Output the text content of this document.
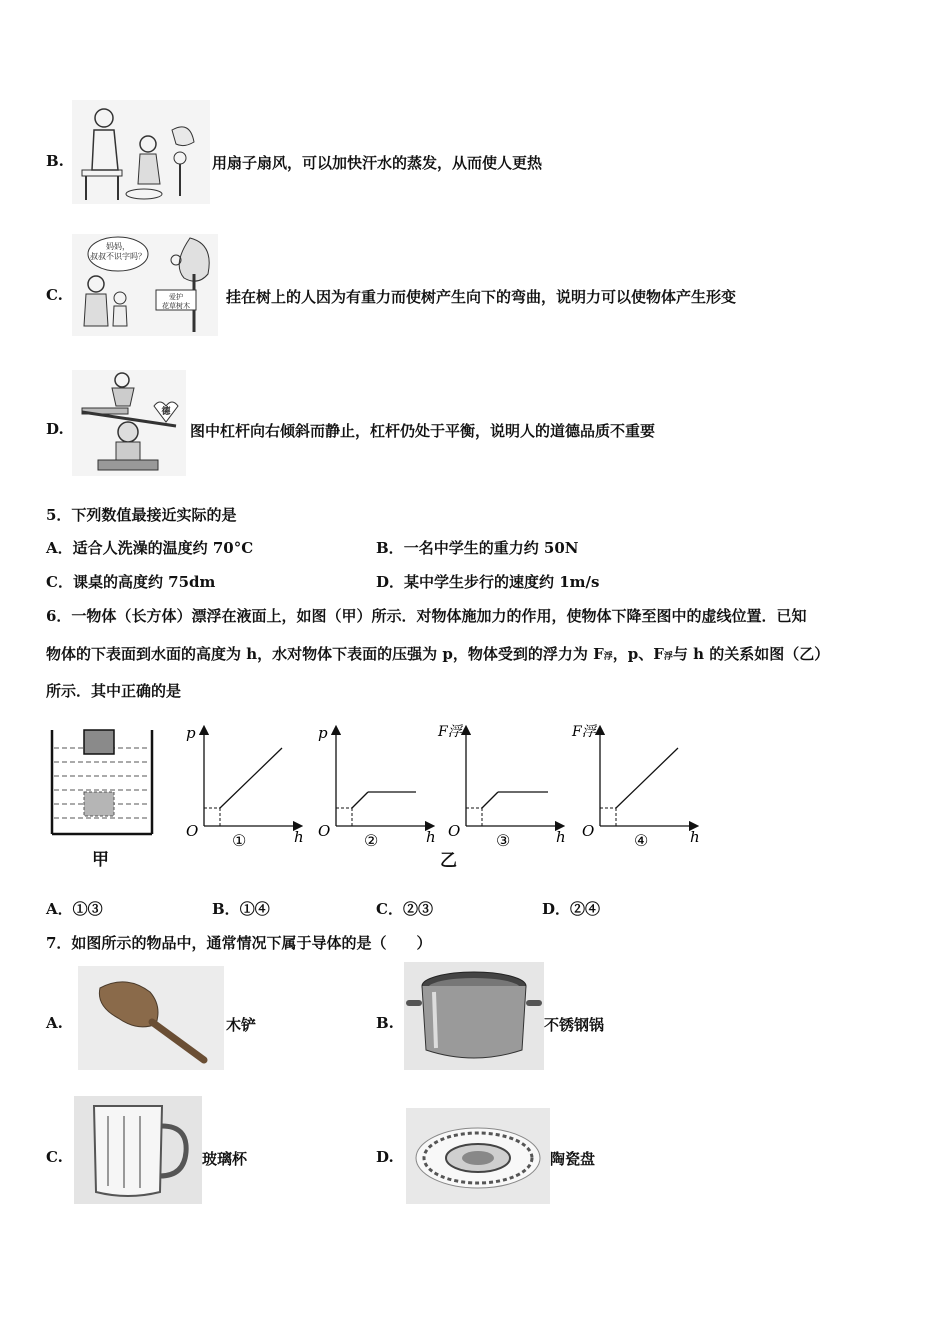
B.	用扇子扇风，可以加快汗水的蒸发，从而使人更热
C.
妈妈，
叔叔不识字吗？
爱护
花草树木 挂在树上的人因为有重力而使树产生向下的弯曲，说明力可以使物体产生形变
D.
德
图中杠杆向右倾斜而静止，杠杆仍处于平衡，说明人的道德品质不重要
5．下列数值最接近实际的是
A．适合人洗澡的温度约 70°C	B．一名中学生的重力约 50N
C．课桌的高度约 75dm	D．某中学生步行的速度约 1m/s
6．一物体（长方体）漂浮在液面上，如图（甲）所示．对物体施加力的作用，使物体下降至图中的虚线位置．已知
物体的下表面到水面的高度为 h，水对物体下表面的压强为 p，物体受到的浮力为 F浮，p、F浮与 h 的关系如图（乙）
所示．其中正确的是
甲
p
O	h
①
p
O	h
②
F浮
O	h
③
F浮
O	h
④
乙
A．①③	B．①④	C．②③	D．②④
7．如图所示的物品中，通常情况下属于导体的是（　　）
A.	木铲	B.	不锈钢锅
C.	玻璃杯	D.	陶瓷盘
